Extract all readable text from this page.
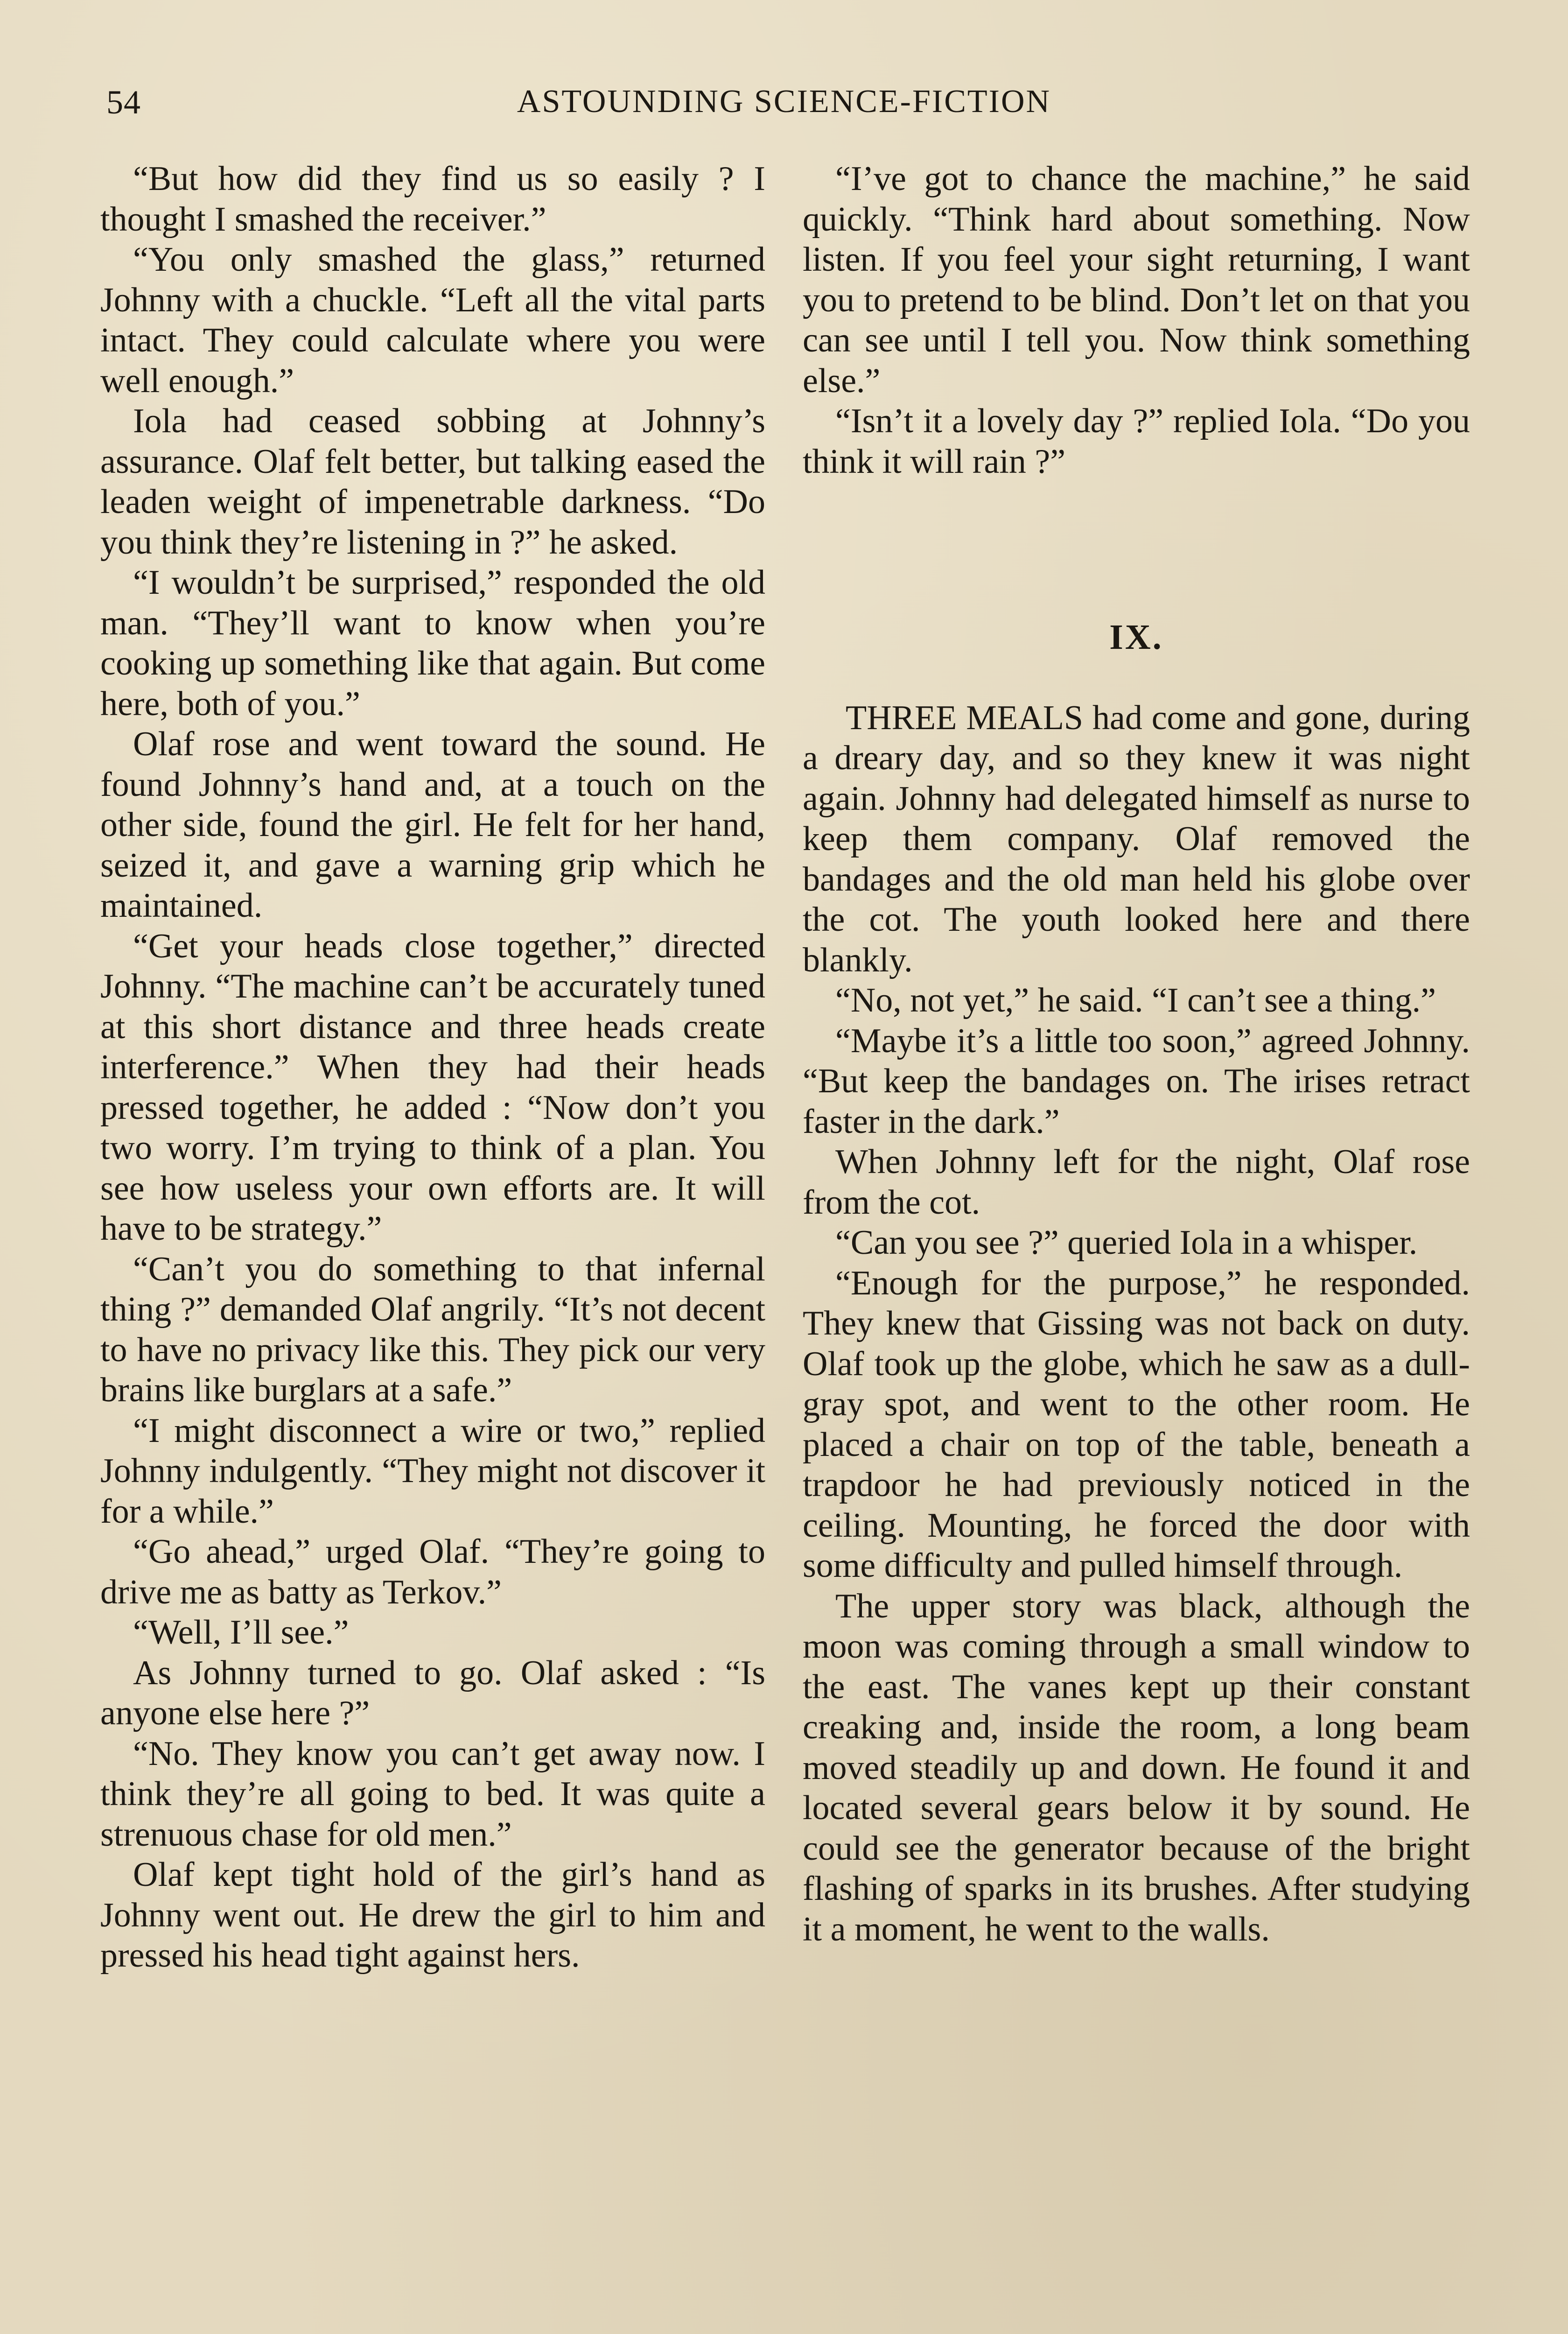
54	ASTOUNDING SCIENCE-FICTION

“But how did they find us so easily ? I thought I smashed the receiver.”

“You only smashed the glass,” returned Johnny with a chuckle. “Left all the vital parts intact. They could calculate where you were well enough.”

Iola had ceased sobbing at Johnny’s assurance. Olaf felt better, but talking eased the leaden weight of impenetrable darkness. “Do you think they’re listening in ?” he asked.

“I wouldn’t be surprised,” responded the old man. “They’ll want to know when you’re cooking up something like that again. But come here, both of you.”

Olaf rose and went toward the sound. He found Johnny’s hand and, at a touch on the other side, found the girl. He felt for her hand, seized it, and gave a warning grip which he maintained.

“Get your heads close together,” directed Johnny. “The machine can’t be accurately tuned at this short distance and three heads create interference.” When they had their heads pressed together, he added : “Now don’t you two worry. I’m trying to think of a plan. You see how useless your own efforts are. It will have to be strategy.”

“Can’t you do something to that infernal thing ?” demanded Olaf angrily. “It’s not decent to have no privacy like this. They pick our very brains like burglars at a safe.”

“I might disconnect a wire or two,” replied Johnny indulgently. “They might not discover it for a while.”

“Go ahead,” urged Olaf. “They’re going to drive me as batty as Terkov.”

“Well, I’ll see.”

As Johnny turned to go. Olaf asked : “Is anyone else here ?”

“No. They know you can’t get away now. I think they’re all going to bed. It was quite a strenuous chase for old men.”

Olaf kept tight hold of the girl’s hand as Johnny went out. He drew the girl to him and pressed his head tight against hers.

“I’ve got to chance the machine,” he said quickly. “Think hard about something. Now listen. If you feel your sight returning, I want you to pretend to be blind. Don’t let on that you can see until I tell you. Now think something else.”

“Isn’t it a lovely day ?” replied Iola. “Do you think it will rain ?”

IX.

THREE MEALS had come and gone, during a dreary day, and so they knew it was night again. Johnny had delegated himself as nurse to keep them company. Olaf removed the bandages and the old man held his globe over the cot. The youth looked here and there blankly.

“No, not yet,” he said. “I can’t see a thing.”

“Maybe it’s a little too soon,” agreed Johnny. “But keep the bandages on. The irises retract faster in the dark.”

When Johnny left for the night, Olaf rose from the cot.

“Can you see ?” queried Iola in a whisper.

“Enough for the purpose,” he responded. They knew that Gissing was not back on duty. Olaf took up the globe, which he saw as a dull-gray spot, and went to the other room. He placed a chair on top of the table, beneath a trapdoor he had previously noticed in the ceiling. Mounting, he forced the door with some difficulty and pulled himself through.

The upper story was black, although the moon was coming through a small window to the east. The vanes kept up their constant creaking and, inside the room, a long beam moved steadily up and down. He found it and located several gears below it by sound. He could see the generator because of the bright flashing of sparks in its brushes. After studying it a moment, he went to the walls.
